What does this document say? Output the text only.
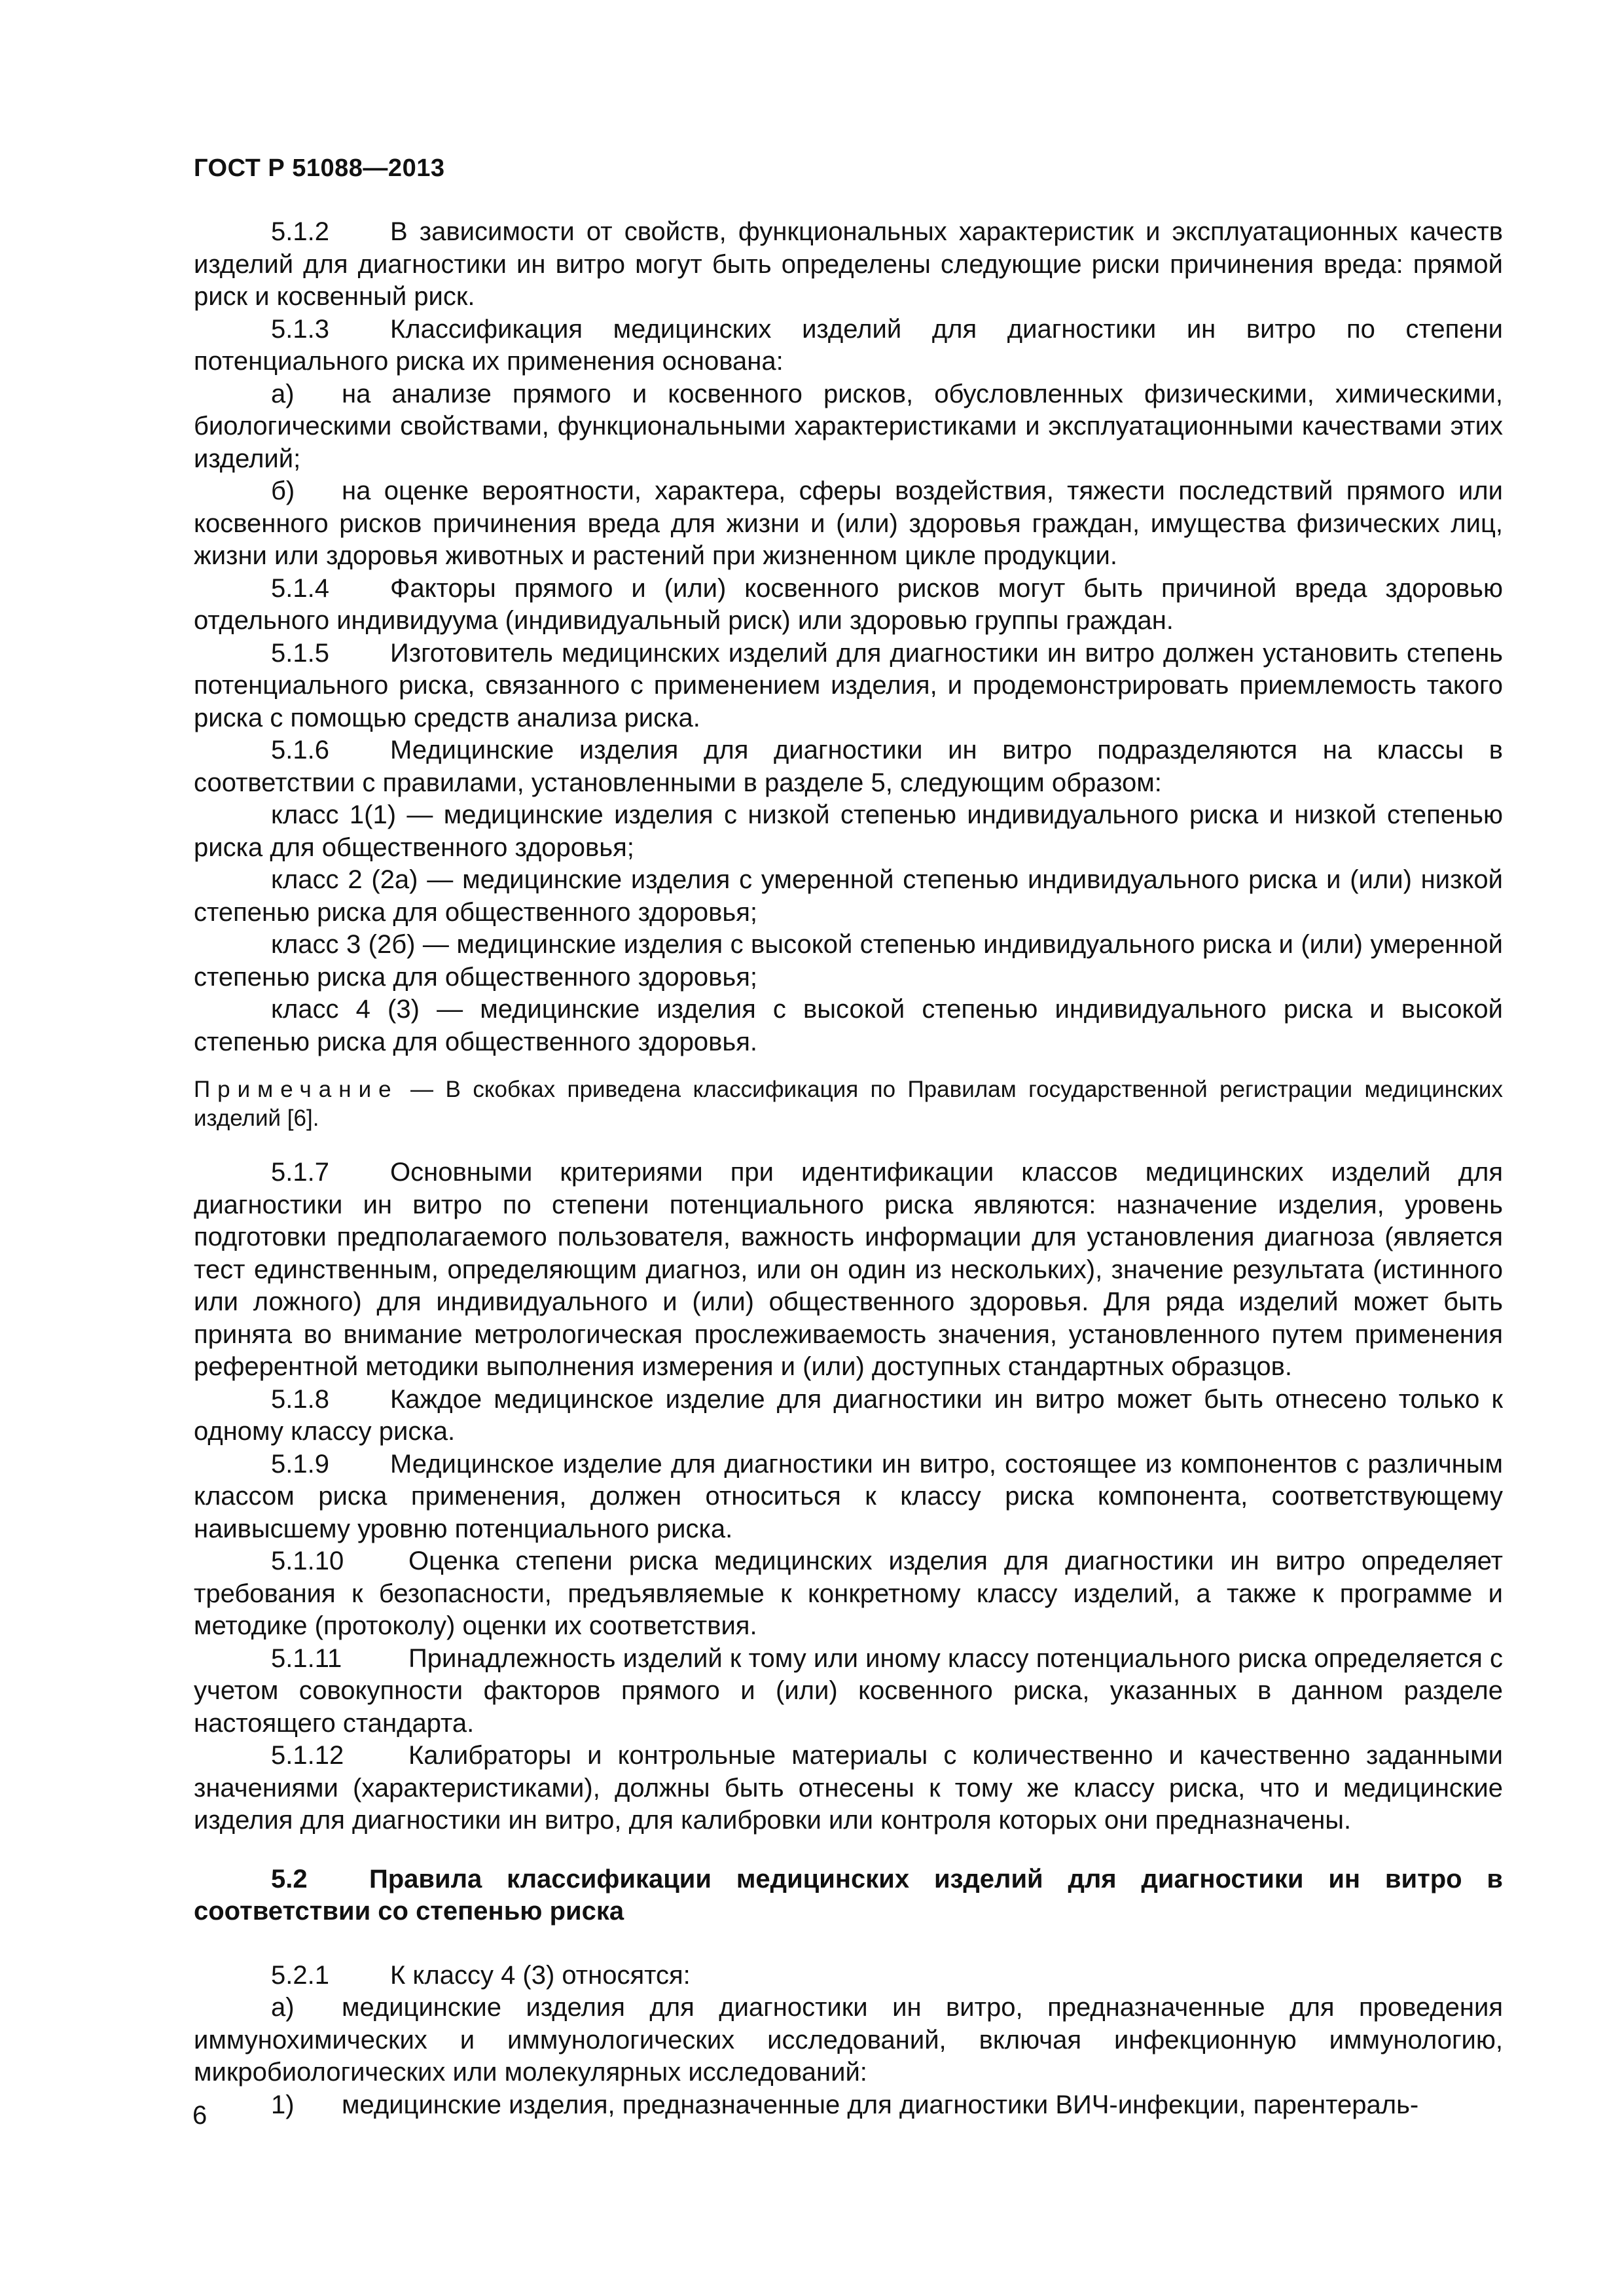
ГОСТ Р 51088—2013

5.1.2 В зависимости от свойств, функциональных характеристик и эксплуатационных качеств изделий для диагностики ин витро могут быть определены следующие риски причинения вреда: прямой риск и косвенный риск.

5.1.3 Классификация медицинских изделий для диагностики ин витро по степени потенциального риска их применения основана:

а) на анализе прямого и косвенного рисков, обусловленных физическими, химическими, биологическими свойствами, функциональными характеристиками и эксплуатационными качествами этих изделий;

б) на оценке вероятности, характера, сферы воздействия, тяжести последствий прямого или косвенного рисков причинения вреда для жизни и (или) здоровья граждан, имущества физических лиц, жизни или здоровья животных и растений при жизненном цикле продукции.

5.1.4 Факторы прямого и (или) косвенного рисков могут быть причиной вреда здоровью отдельного индивидуума (индивидуальный риск) или здоровью группы граждан.

5.1.5 Изготовитель медицинских изделий для диагностики ин витро должен установить степень потенциального риска, связанного с применением изделия, и продемонстрировать приемлемость такого риска с помощью средств анализа риска.

5.1.6 Медицинские изделия для диагностики ин витро подразделяются на классы в соответствии с правилами, установленными в разделе 5, следующим образом:

класс 1(1) — медицинские изделия с низкой степенью индивидуального риска и низкой степенью риска для общественного здоровья;

класс 2 (2а) — медицинские изделия с умеренной степенью индивидуального риска и (или) низкой степенью риска для общественного здоровья;

класс 3 (2б) — медицинские изделия с высокой степенью индивидуального риска и (или) умеренной степенью риска для общественного здоровья;

класс 4 (3) — медицинские изделия с высокой степенью индивидуального риска и высокой степенью риска для общественного здоровья.

Примечание — В скобках приведена классификация по Правилам государственной регистрации медицинских изделий [6].

5.1.7 Основными критериями при идентификации классов медицинских изделий для диагностики ин витро по степени потенциального риска являются: назначение изделия, уровень подготовки предполагаемого пользователя, важность информации для установления диагноза (является тест единственным, определяющим диагноз, или он один из нескольких), значение результата (истинного или ложного) для индивидуального и (или) общественного здоровья. Для ряда изделий может быть принята во внимание метрологическая прослеживаемость значения, установленного путем применения референтной методики выполнения измерения и (или) доступных стандартных образцов.

5.1.8 Каждое медицинское изделие для диагностики ин витро может быть отнесено только к одному классу риска.

5.1.9 Медицинское изделие для диагностики ин витро, состоящее из компонентов с различным классом риска применения, должен относиться к классу риска компонента, соответствующему наивысшему уровню потенциального риска.

5.1.10 Оценка степени риска медицинских изделия для диагностики ин витро определяет требования к безопасности, предъявляемые к конкретному классу изделий, а также к программе и методике (протоколу) оценки их соответствия.

5.1.11	Принадлежность изделий к тому или иному классу потенциального риска определяется с учетом совокупности факторов прямого и (или) косвенного риска, указанных в данном разделе настоящего стандарта.

5.1.12 Калибраторы и контрольные материалы с количественно и качественно заданными значениями (характеристиками), должны быть отнесены к тому же классу риска, что и медицинские изделия для диагностики ин витро, для калибровки или контроля которых они предназначены.

5.2 Правила классификации медицинских изделий для диагностики ин витро в соответствии со степенью риска

5.2.1 К классу 4 (3) относятся:

а) медицинские изделия для диагностики ин витро, предназначенные для проведения иммунохимических и иммунологических исследований, включая инфекционную иммунологию, микробиологических или молекулярных исследований:

1) медицинские изделия, предназначенные для диагностики ВИЧ-инфекции, парентераль-

6
